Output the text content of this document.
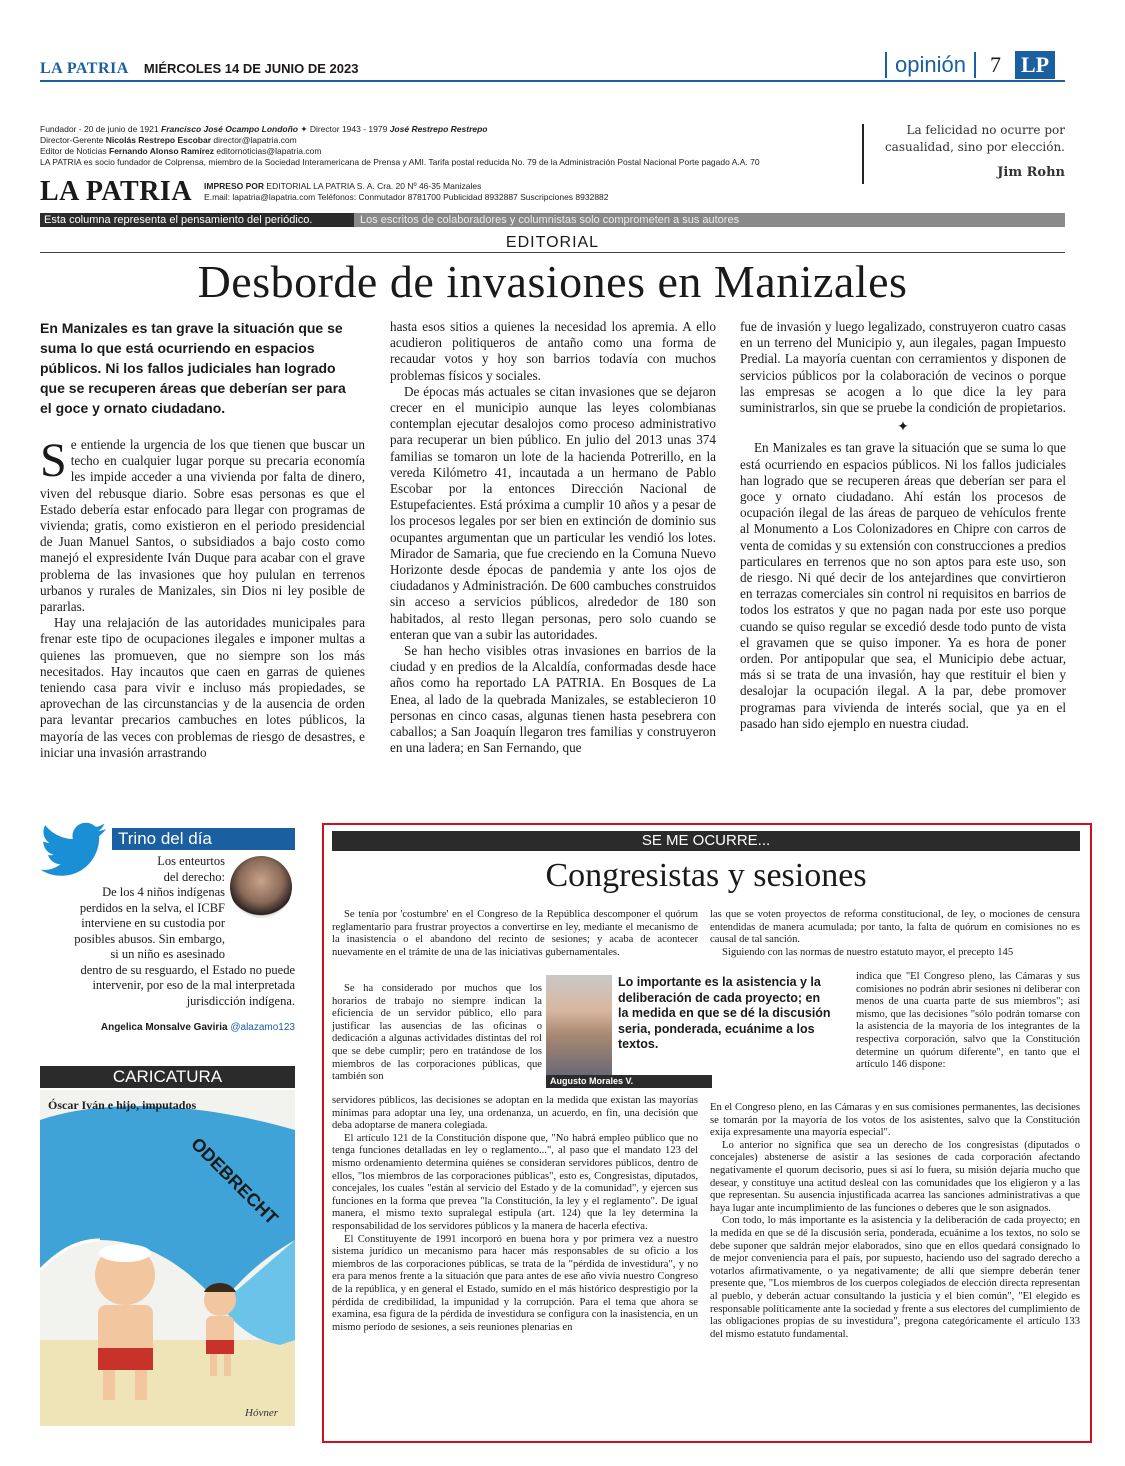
LA PATRIA MIÉRCOLES 14 DE JUNIO DE 2023	opinión 7 LP
Fundador - 20 de junio de 1921 Francisco José Ocampo Londoño ✦ Director 1943 - 1979 José Restrepo Restrepo
Director-Gerente Nicolás Restrepo Escobar director@lapatria.com
Editor de Noticias Fernando Alonso Ramírez editornoticias@lapatria.com
LA PATRIA es socio fundador de Colprensa, miembro de la Sociedad Interamericana de Prensa y AMI. Tarifa postal reducida No. 79 de la Administración Postal Nacional Porte pagado A.A. 70
LA PATRIA IMPRESO POR EDITORIAL LA PATRIA S. A. Cra. 20 Nº 46-35 Manizales
E.mail: lapatria@lapatria.com Teléfonos: Conmutador 8781700 Publicidad 8932887 Suscripciones 8932882
La felicidad no ocurre por
casualidad, sino por elección.
Jim Rohn
Esta columna representa el pensamiento del periódico.	Los escritos de colaboradores y columnistas solo comprometen a sus autores
EDITORIAL
Desborde de invasiones en Manizales
En Manizales es tan grave la situación que se suma lo que está ocurriendo en espacios públicos. Ni los fallos judiciales han logrado que se recuperen áreas que deberían ser para el goce y ornato ciudadano.

Se entiende la urgencia de los que tienen que buscar un techo en cualquier lugar porque su precaria economía les impide acceder a una vivienda por falta de dinero, viven del rebusque diario. Sobre esas personas es que el Estado debería estar enfocado para llegar con programas de vivienda; gratis, como existieron en el periodo presidencial de Juan Manuel Santos, o subsidiados a bajo costo como manejó el expresidente Iván Duque para acabar con el grave problema de las invasiones que hoy pululan en terrenos urbanos y rurales de Manizales, sin Dios ni ley posible de pararlas.

Hay una relajación de las autoridades municipales para frenar este tipo de ocupaciones ilegales e imponer multas a quienes las promueven, que no siempre son los más necesitados. Hay incautos que caen en garras de quienes teniendo casa para vivir e incluso más propiedades, se aprovechan de las circunstancias y de la ausencia de orden para levantar precarios cambuches en lotes públicos, la mayoría de las veces con problemas de riesgo de desastres, e iniciar una invasión arrastrando

hasta esos sitios a quienes la necesidad los apremia. A ello acudieron politiqueros de antaño como una forma de recaudar votos y hoy son barrios todavía con muchos problemas físicos y sociales.

De épocas más actuales se citan invasiones que se dejaron crecer en el municipio aunque las leyes colombianas contemplan ejecutar desalojos como proceso administrativo para recuperar un bien público. En julio del 2013 unas 374 familias se tomaron un lote de la hacienda Potrerillo, en la vereda Kilómetro 41, incautada a un hermano de Pablo Escobar por la entonces Dirección Nacional de Estupefacientes. Está próxima a cumplir 10 años y a pesar de los procesos legales por ser bien en extinción de dominio sus ocupantes argumentan que un particular les vendió los lotes. Mirador de Samaria, que fue creciendo en la Comuna Nuevo Horizonte desde épocas de pandemia y ante los ojos de ciudadanos y Administración. De 600 cambuches construidos sin acceso a servicios públicos, alrededor de 180 son habitados, al resto llegan personas, pero solo cuando se enteran que van a subir las autoridades.

Se han hecho visibles otras invasiones en barrios de la ciudad y en predios de la Alcaldía, conformadas desde hace años como ha reportado LA PATRIA. En Bosques de La Enea, al lado de la quebrada Manizales, se establecieron 10 personas en cinco casas, algunas tienen hasta pesebrera con caballos; a San Joaquín llegaron tres familias y construyeron en una ladera; en San Fernando, que

fue de invasión y luego legalizado, construyeron cuatro casas en un terreno del Municipio y, aun ilegales, pagan Impuesto Predial. La mayoría cuentan con cerramientos y disponen de servicios públicos por la colaboración de vecinos o porque las empresas se acogen a lo que dice la ley para suministrarlos, sin que se pruebe la condición de propietarios.

✦

En Manizales es tan grave la situación que se suma lo que está ocurriendo en espacios públicos. Ni los fallos judiciales han logrado que se recuperen áreas que deberían ser para el goce y ornato ciudadano. Ahí están los procesos de ocupación ilegal de las áreas de parqueo de vehículos frente al Monumento a Los Colonizadores en Chipre con carros de venta de comidas y su extensión con construcciones a predios particulares en terrenos que no son aptos para este uso, son de riesgo. Ni qué decir de los antejardines que convirtieron en terrazas comerciales sin control ni requisitos en barrios de todos los estratos y que no pagan nada por este uso porque cuando se quiso regular se excedió desde todo punto de vista el gravamen que se quiso imponer. Ya es hora de poner orden. Por antipopular que sea, el Municipio debe actuar, más si se trata de una invasión, hay que restituir el bien y desalojar la ocupación ilegal. A la par, debe promover programas para vivienda de interés social, que ya en el pasado han sido ejemplo en nuestra ciudad.

Trino del día
Los enteurtos
del derecho:
De los 4 niños indígenas
perdidos en la selva, el ICBF
interviene en su custodia por
posibles abusos. Sin embargo,
si un niño es asesinado
dentro de su resguardo, el Estado no puede
intervenir, por eso de la mal interpretada
jurisdicción indígena.
Angelica Monsalve Gaviria @alazamo123
CARICATURA
ODEBRECHT
Hóvner
Óscar Iván e hijo, imputados
SE ME OCURRE...
Congresistas y sesiones

Se tenía por 'costumbre' en el Congreso de la República descomponer el quórum reglamentario para frustrar proyectos a convertirse en ley, mediante el mecanismo de la inasistencia o el abandono del recinto de sesiones; y acaba de acontecer nuevamente en el trámite de una de las iniciativas gubernamentales.

Se ha considerado por muchos que los horarios de trabajo no siempre indican la eficiencia de un servidor público, ello para justificar las ausencias de las oficinas o dedicación a algunas actividades distintas del rol que se debe cumplir; pero en tratándose de los miembros de las corporaciones públicas, que también son	Augusto Morales V.
Lo importante es la asistencia y la deliberación de cada proyecto; en la medida en que se dé la discusión seria, ponderada, ecuánime a los textos.

servidores públicos, las decisiones se adoptan en la medida que existan las mayorías mínimas para adoptar una ley, una ordenanza, un acuerdo, en fin, una decisión que deba adoptarse de manera colegiada.

El artículo 121 de la Constitución dispone que, "No habrá empleo público que no tenga funciones detalladas en ley o reglamento...", al paso que el mandato 123 del mismo ordenamiento determina quiénes se consideran servidores públicos, dentro de ellos, "los miembros de las corporaciones públicas", esto es, Congresistas, diputados, concejales, los cuales "están al servicio del Estado y de la comunidad", y ejercen sus funciones en la forma que prevea "la Constitución, la ley y el reglamento". De igual manera, el mismo texto supralegal estipula (art. 124) que la ley determina la responsabilidad de los servidores públicos y la manera de hacerla efectiva.

El Constituyente de 1991 incorporó en buena hora y por primera vez a nuestro sistema jurídico un mecanismo para hacer más responsables de su oficio a los miembros de las corporaciones públicas, se trata de la "pérdida de investidura", y no era para menos frente a la situación que para antes de ese año vivía nuestro Congreso de la república, y en general el Estado, sumido en el más histórico desprestigio por la pérdida de credibilidad, la impunidad y la corrupción. Para el tema que ahora se examina, esa figura de la pérdida de investidura se configura con la inasistencia, en un mismo período de sesiones, a seis reuniones plenarias en

las que se voten proyectos de reforma constitucional, de ley, o mociones de censura entendidas de manera acumulada; por tanto, la falta de quórum en comisiones no es causal de tal sanción.

Siguiendo con las normas de nuestro estatuto mayor, el precepto 145

indica que "El Congreso pleno, las Cámaras y sus comisiones no podrán abrir sesiones ni deliberar con menos de una cuarta parte de sus miembros"; así mismo, que las decisiones "sólo podrán tomarse con la asistencia de la mayoría de los integrantes de la respectiva corporación, salvo que la Constitución determine un quórum diferente", en tanto que el artículo 146 dispone:

En el Congreso pleno, en las Cámaras y en sus comisiones permanentes, las decisiones se tomarán por la mayoría de los votos de los asistentes, salvo que la Constitución exija expresamente una mayoría especial".

Lo anterior no significa que sea un derecho de los congresistas (diputados o concejales) abstenerse de asistir a las sesiones de cada corporación afectando negativamente el quorum decisorio, pues si así lo fuera, su misión dejaría mucho que desear, y constituye una actitud desleal con las comunidades que los eligieron y a las que representan. Su ausencia injustificada acarrea las sanciones administrativas a que haya lugar ante incumplimiento de las funciones o deberes que le son asignados.

Con todo, lo más importante es la asistencia y la deliberación de cada proyecto; en la medida en que se dé la discusión seria, ponderada, ecuánime a los textos, no solo se debe suponer que saldrán mejor elaborados, sino que en ellos quedará consignado lo de mejor conveniencia para el país, por supuesto, haciendo uso del sagrado derecho a votarlos afirmativamente, o ya negativamente; de allí que siempre deberán tener presente que, "Los miembros de los cuerpos colegiados de elección directa representan al pueblo, y deberán actuar consultando la justicia y el bien común", "El elegido es responsable políticamente ante la sociedad y frente a sus electores del cumplimiento de las obligaciones propias de su investidura", pregona categóricamente el artículo 133 del mismo estatuto fundamental.
